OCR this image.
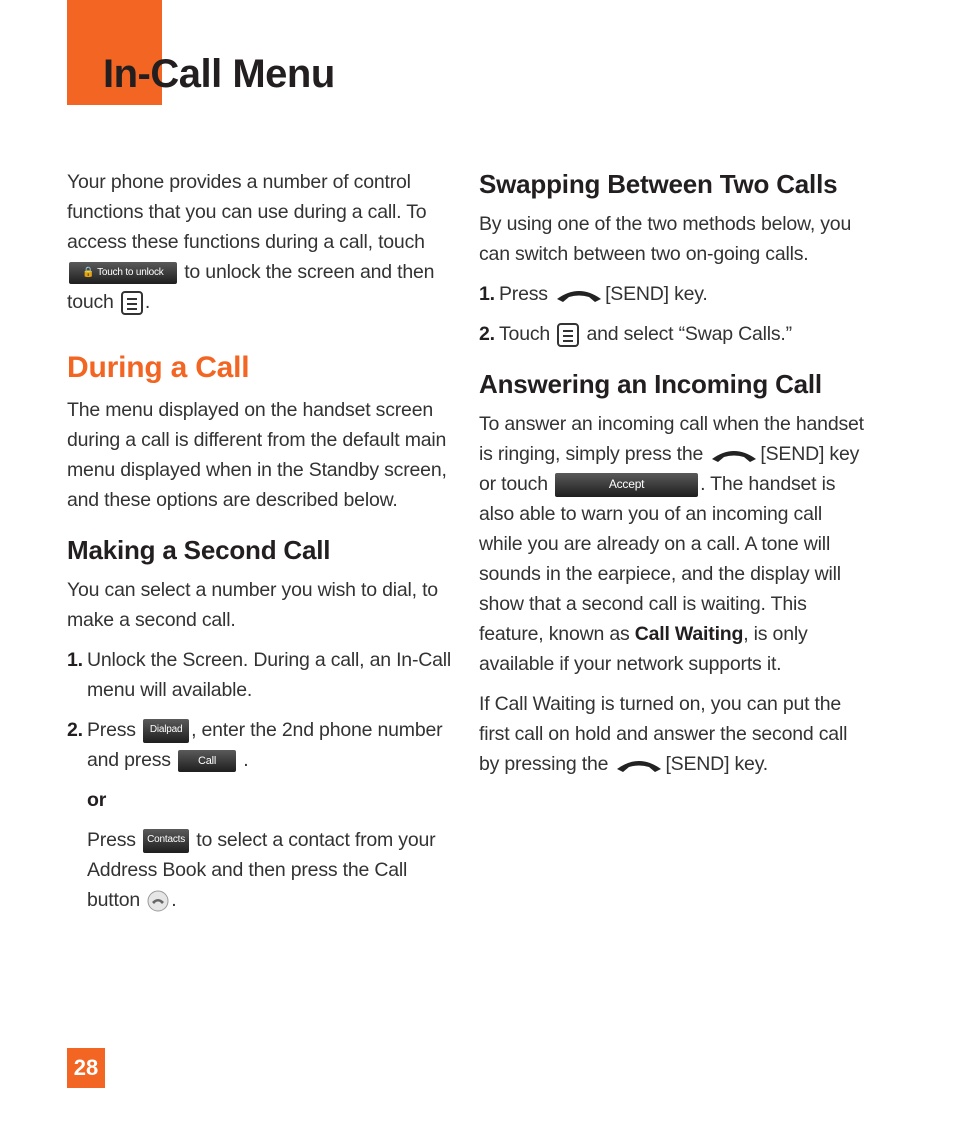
In-Call Menu

Your phone provides a number of control functions that you can use during a call. To access these functions during a call, touch 🔒 Touch to unlock to unlock the screen and then touch .

During a Call

The menu displayed on the handset screen during a call is different from the default main menu displayed when in the Standby screen, and these options are described below.

Making a Second Call

You can select a number you wish to dial, to make a second call.

1. Unlock the Screen. During a call, an In-Call menu will available.
2. Press Dialpad , enter the 2nd phone number and press Call .

or

Press Contacts to select a contact from your Address Book and then press the Call button .

Swapping Between Two Calls

By using one of the two methods below, you can switch between two on-going calls.

1. Press	[SEND] key.
2. Touch and select “Swap Calls.”
Answering an Incoming Call

To answer an incoming call when the handset is ringing, simply press the	[SEND] key or touch	Accept	. The handset is also able to warn you of an incoming call while you are already on a call. A tone will sounds in the earpiece, and the display will show that a second call is waiting. This feature, known as Call Waiting, is only available if your network supports it.

If Call Waiting is turned on, you can put the first call on hold and answer the second call by pressing the	[SEND] key.

28
